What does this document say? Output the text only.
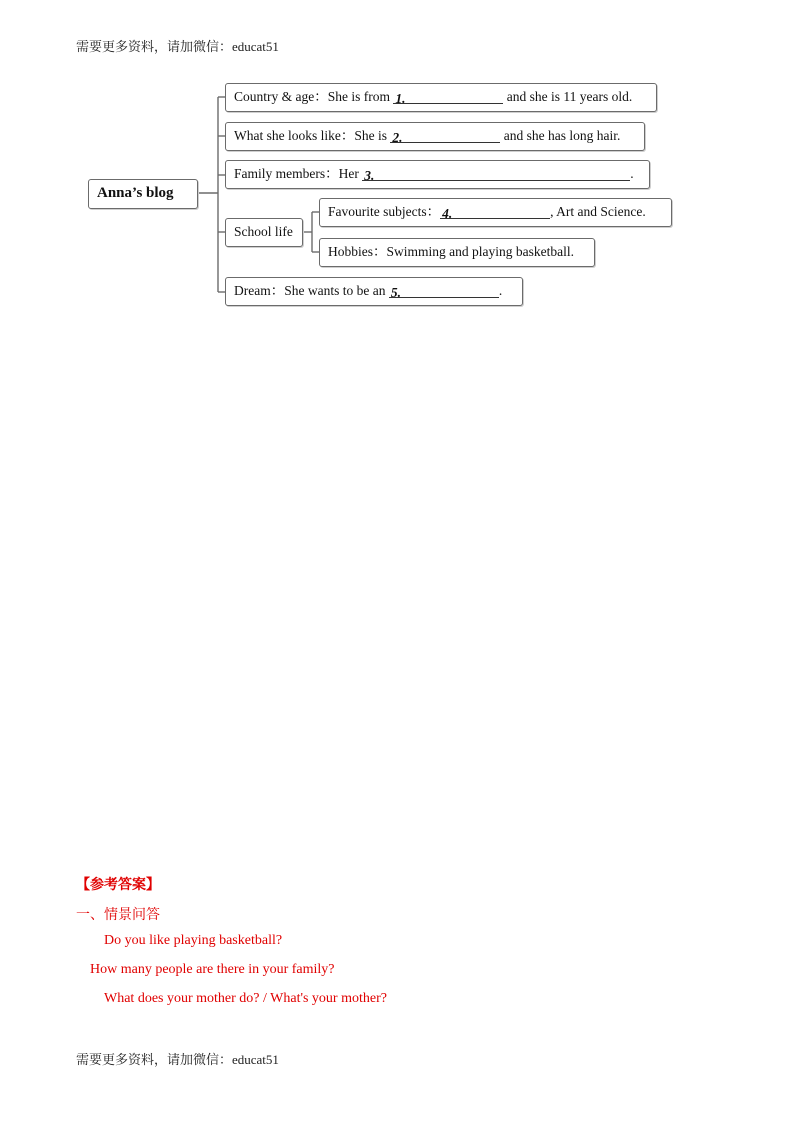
需要更多资料，请加微信：educat51
Anna’s blog
Country & age：She is from 1.	and she is 11 years old.
What she looks like：She is 2.	and she has long hair.
Family members：Her 3.	.
School life
Favourite subjects： 4.	, Art and Science.
Hobbies：Swimming and playing basketball.
Dream：She wants to be an 5.	.
【参考答案】
一、情景问答
Do you like playing basketball?
How many people are there in your family?
What does your mother do? / What's your mother?
需要更多资料，请加微信：educat51
